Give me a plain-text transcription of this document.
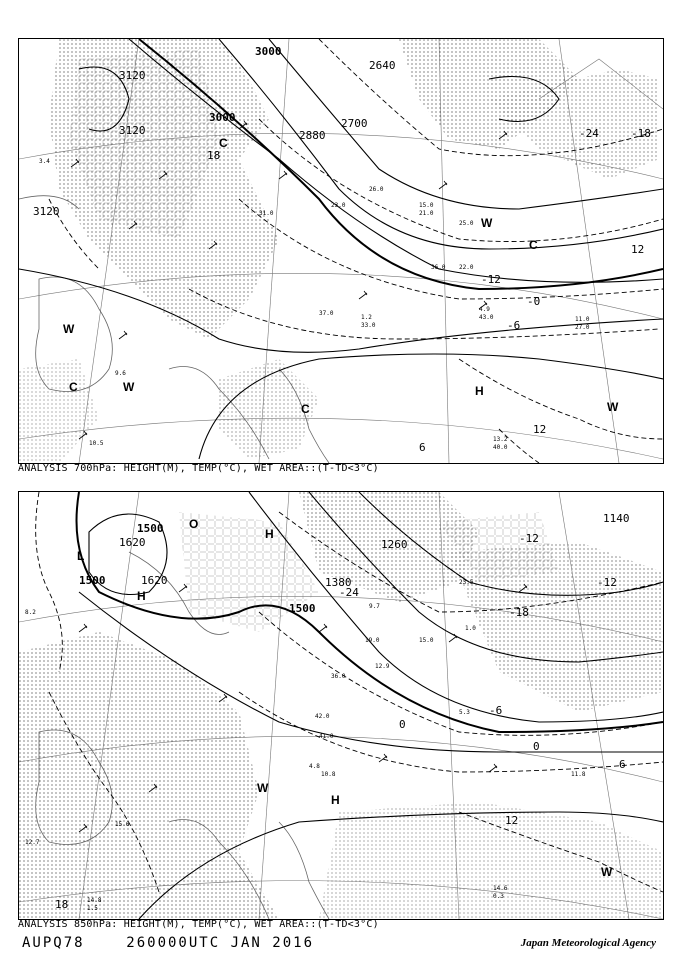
3000
3120
3120
3000
3120
2880
2640
2700
-24	-18
-12
-6
6
12
12
18
-0
C
C
W
W
C	W
C
H
W
10.5
13.2
40.0
11.0
27.0
1.2
33.0
4.9
43.0
36.0 22.0
25.0
21.0
15.0
26.0
23.0
31.0
37.0
3.4
9.6
ANALYSIS 700hPa: HEIGHT(M), TEMP(°C), WET AREA::(T-TD<3°C)
1500
1620
1500	1620
1500
1380
1260
1140
-24
-18
-12
-6
0
6
12
18
-12
0
L
H
H
O
W
H
W
14.6
0.3
14.8
1.5
15.6
12.7
11.8
8.2
4.8
10.8
19.0
42.0
36.0
41.0
12.9
15.0
23.5
5.3
9.7
1.0
ANALYSIS 850hPa: HEIGHT(M), TEMP(°C), WET AREA::(T-TD<3°C)
AUPQ78    260000UTC JAN 2016	Japan Meteorological Agency
